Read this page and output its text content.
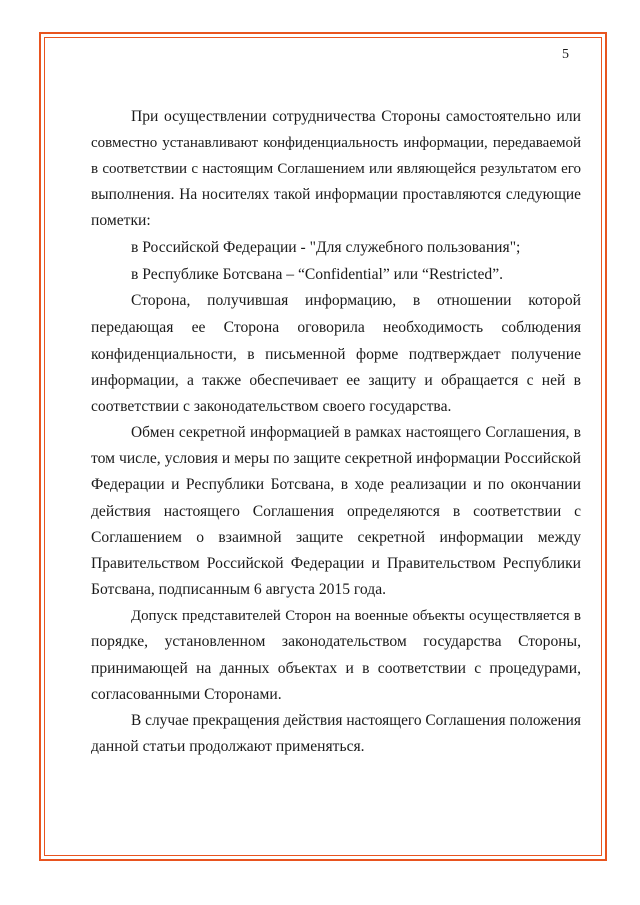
5
При осуществлении сотрудничества Стороны самостоятельно или
совместно устанавливают конфиденциальность информации, передаваемой
в соответствии с настоящим Соглашением или являющейся результатом его
выполнения. На носителях такой информации проставляются следующие
пометки:
в Российской Федерации - "Для служебного пользования";
в Республике Ботсвана – “Confidential” или “Restricted”.
Сторона, получившая информацию, в отношении которой
передающая ее Сторона оговорила необходимость соблюдения
конфиденциальности, в письменной форме подтверждает получение
информации, а также обеспечивает ее защиту и обращается с ней в
соответствии с законодательством своего государства.
Обмен секретной информацией в рамках настоящего Соглашения, в
том числе, условия и меры по защите секретной информации Российской
Федерации и Республики Ботсвана, в ходе реализации и по окончании
действия настоящего Соглашения определяются в соответствии с
Соглашением о взаимной защите секретной информации между
Правительством Российской Федерации и Правительством Республики
Ботсвана, подписанным 6 августа 2015 года.
Допуск представителей Сторон на военные объекты осуществляется в
порядке, установленном законодательством государства Стороны,
принимающей на данных объектах и в соответствии с процедурами,
согласованными Сторонами.
В случае прекращения действия настоящего Соглашения положения
данной статьи продолжают применяться.
